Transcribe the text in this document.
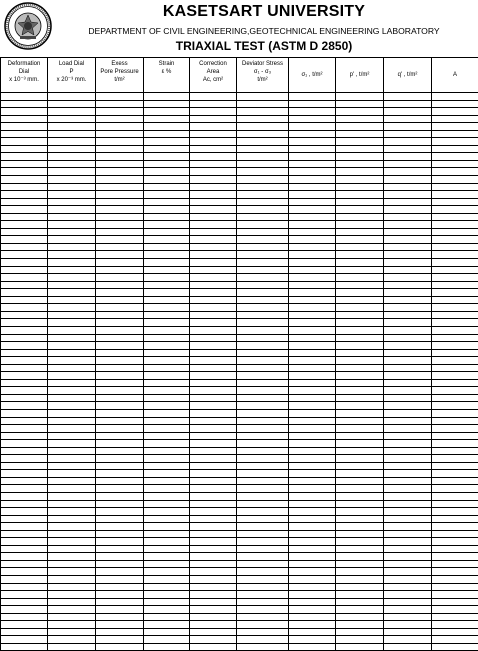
KASETSART UNIVERSITY
DEPARTMENT OF CIVIL ENGINEERING,GEOTECHNICAL ENGINEERING LABORATORY
TRIAXIAL TEST (ASTM D 2850)
Deformation
Dial
x 10⁻³ mm.	Load Dial
P
x 20⁻³ mm.	Exess
Pore Pressure
t/m²	Strain
ε %	Correction
Area
Ac, cm²	Deviator Stress
σ₁ - σ₃
t/m²	σ₁ , t/m²	p' , t/m²	q' , t/m²	A
